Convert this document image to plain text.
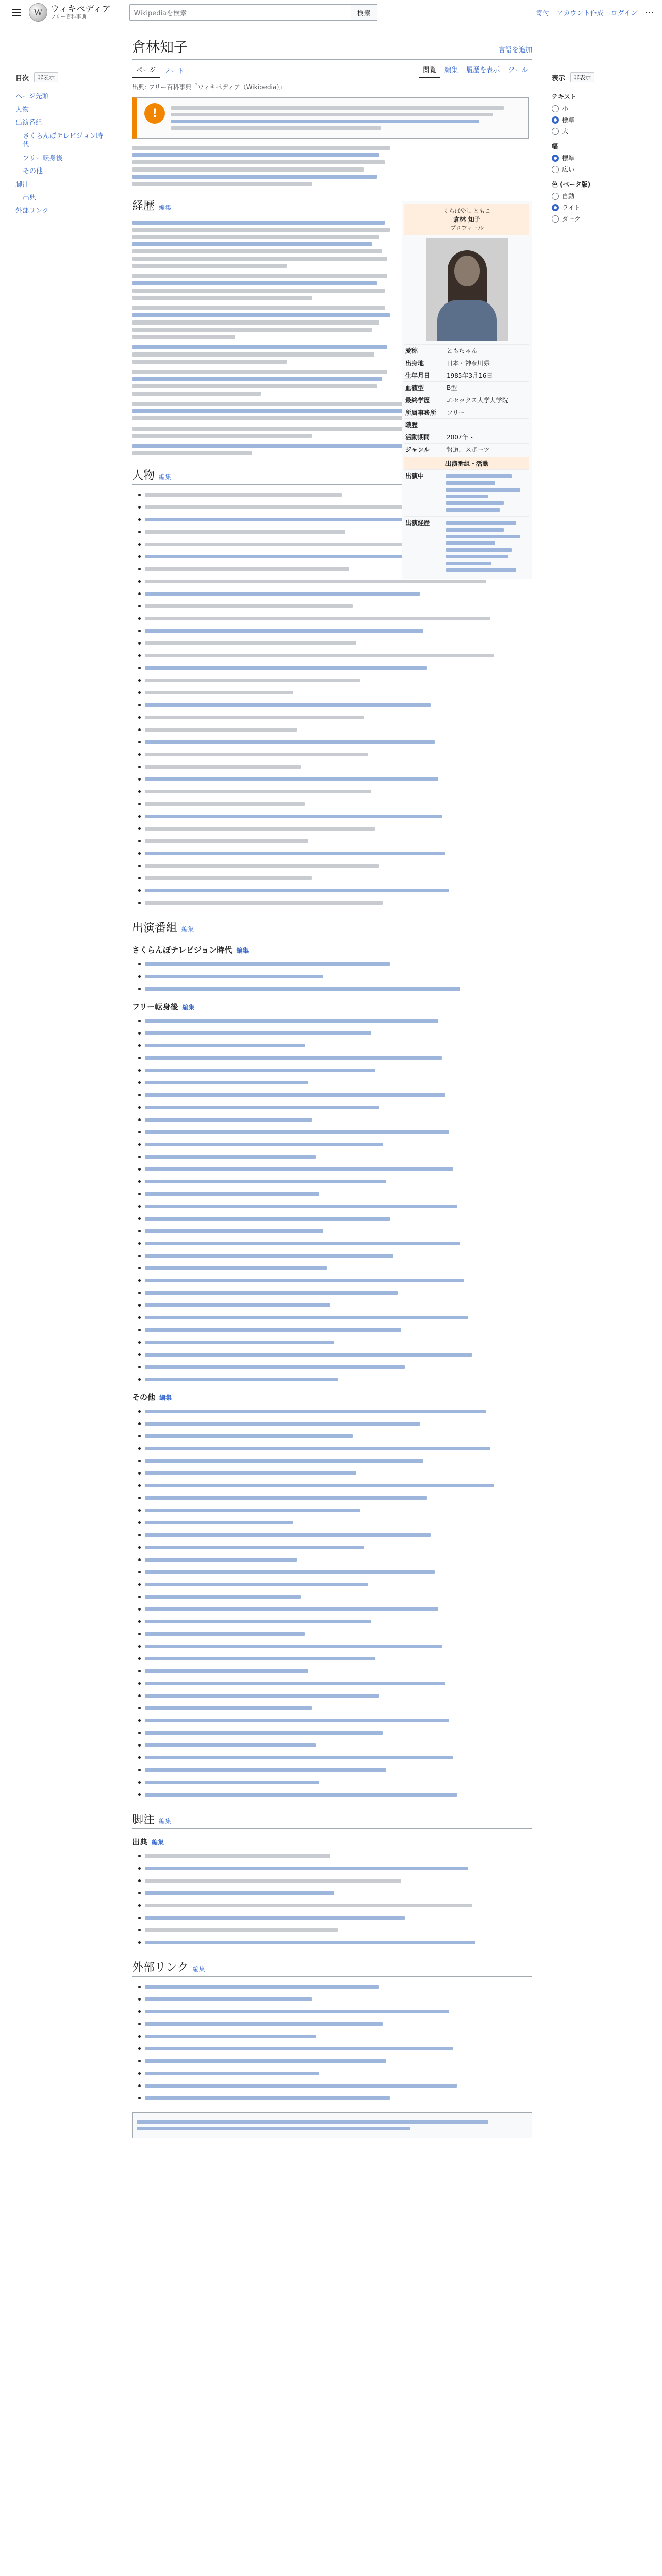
W ウィキペディア
フリー百科事典	Wikipediaを検索	検索	寄付 アカウント作成 ログイン ⋯
目次	非表示
ページ先頭
人物
出演番組
さくらんぼテレビジョン時代
フリー転身後
その他
脚注
出典
外部リンク
倉林知子	言語を追加
ページ	ノート	閲覧	編集	履歴を表示	ツール
出典: フリー百科事典『ウィキペディア（Wikipedia）』
!
経歴 編集
人物 編集
出演番組 編集
さくらんぼテレビジョン時代 編集
フリー転身後 編集
その他 編集
脚注 編集
出典 編集
外部リンク 編集
くらばやし ともこ
倉林 知子
プロフィール
愛称	ともちゃん
出身地	日本・神奈川県
生年月日	1985年3月16日
血液型	B型
最終学歴	エセックス大学大学院
所属事務所	フリー
職歴
活動期間	2007年 -
ジャンル	報道、スポーツ
出演番組・活動
出演中
出演経歴
表示	非表示
テキスト
小
標準
大
幅
標準
広い
色 (ベータ版)
自動
ライト
ダーク
